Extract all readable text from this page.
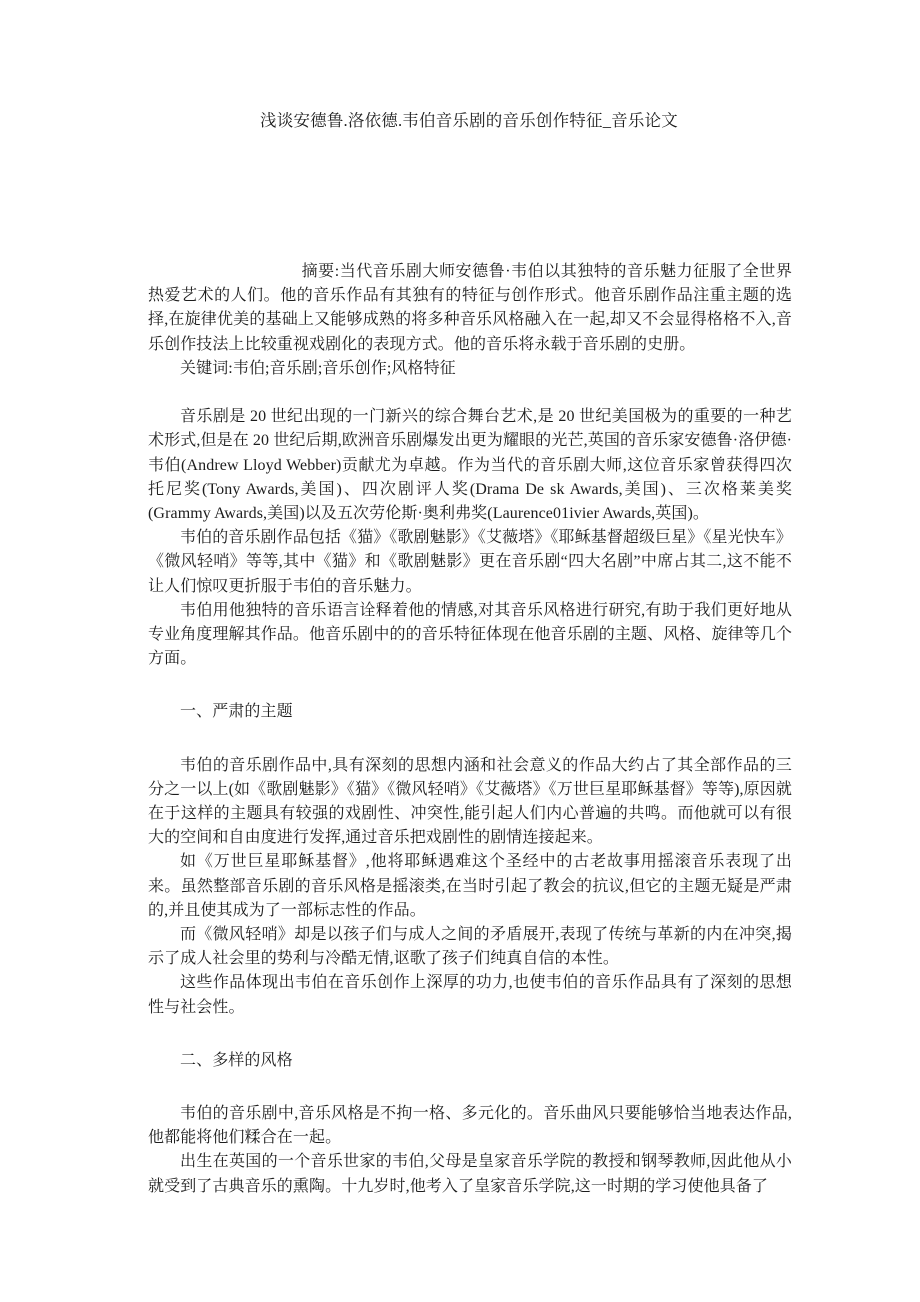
浅谈安德鲁.洛依德.韦伯音乐剧的音乐创作特征_音乐论文

摘要:当代音乐剧大师安德鲁·韦伯以其独特的音乐魅力征服了全世界热爱艺术的人们。他的音乐作品有其独有的特征与创作形式。他音乐剧作品注重主题的选择,在旋律优美的基础上又能够成熟的将多种音乐风格融入在一起,却又不会显得格格不入,音乐创作技法上比较重视戏剧化的表现方式。他的音乐将永载于音乐剧的史册。

关键词:韦伯;音乐剧;音乐创作;风格特征

音乐剧是 20 世纪出现的一门新兴的综合舞台艺术,是 20 世纪美国极为的重要的一种艺术形式,但是在 20 世纪后期,欧洲音乐剧爆发出更为耀眼的光芒,英国的音乐家安德鲁·洛伊德·韦伯(Andrew Lloyd Webber)贡献尤为卓越。作为当代的音乐剧大师,这位音乐家曾获得四次托尼奖(Tony Awards,美国)、四次剧评人奖(Drama De sk Awards,美国)、三次格莱美奖(Grammy Awards,美国)以及五次劳伦斯·奥利弗奖(Laurence01ivier Awards,英国)。

韦伯的音乐剧作品包括《猫》《歌剧魅影》《艾薇塔》《耶稣基督超级巨星》《星光快车》《微风轻哨》等等,其中《猫》和《歌剧魅影》更在音乐剧“四大名剧”中席占其二,这不能不让人们惊叹更折服于韦伯的音乐魅力。

韦伯用他独特的音乐语言诠释着他的情感,对其音乐风格进行研究,有助于我们更好地从专业角度理解其作品。他音乐剧中的的音乐特征体现在他音乐剧的主题、风格、旋律等几个方面。

一、严肃的主题

韦伯的音乐剧作品中,具有深刻的思想内涵和社会意义的作品大约占了其全部作品的三分之一以上(如《歌剧魅影》《猫》《微风轻哨》《艾薇塔》《万世巨星耶稣基督》等等),原因就在于这样的主题具有较强的戏剧性、冲突性,能引起人们内心普遍的共鸣。而他就可以有很大的空间和自由度进行发挥,通过音乐把戏剧性的剧情连接起来。

如《万世巨星耶稣基督》,他将耶稣遇难这个圣经中的古老故事用摇滚音乐表现了出来。虽然整部音乐剧的音乐风格是摇滚类,在当时引起了教会的抗议,但它的主题无疑是严肃的,并且使其成为了一部标志性的作品。

而《微风轻哨》却是以孩子们与成人之间的矛盾展开,表现了传统与革新的内在冲突,揭示了成人社会里的势利与冷酷无情,讴歌了孩子们纯真自信的本性。

这些作品体现出韦伯在音乐创作上深厚的功力,也使韦伯的音乐作品具有了深刻的思想性与社会性。

二、多样的风格

韦伯的音乐剧中,音乐风格是不拘一格、多元化的。音乐曲风只要能够恰当地表达作品,他都能将他们糅合在一起。

出生在英国的一个音乐世家的韦伯,父母是皇家音乐学院的教授和钢琴教师,因此他从小就受到了古典音乐的熏陶。十九岁时,他考入了皇家音乐学院,这一时期的学习使他具备了
